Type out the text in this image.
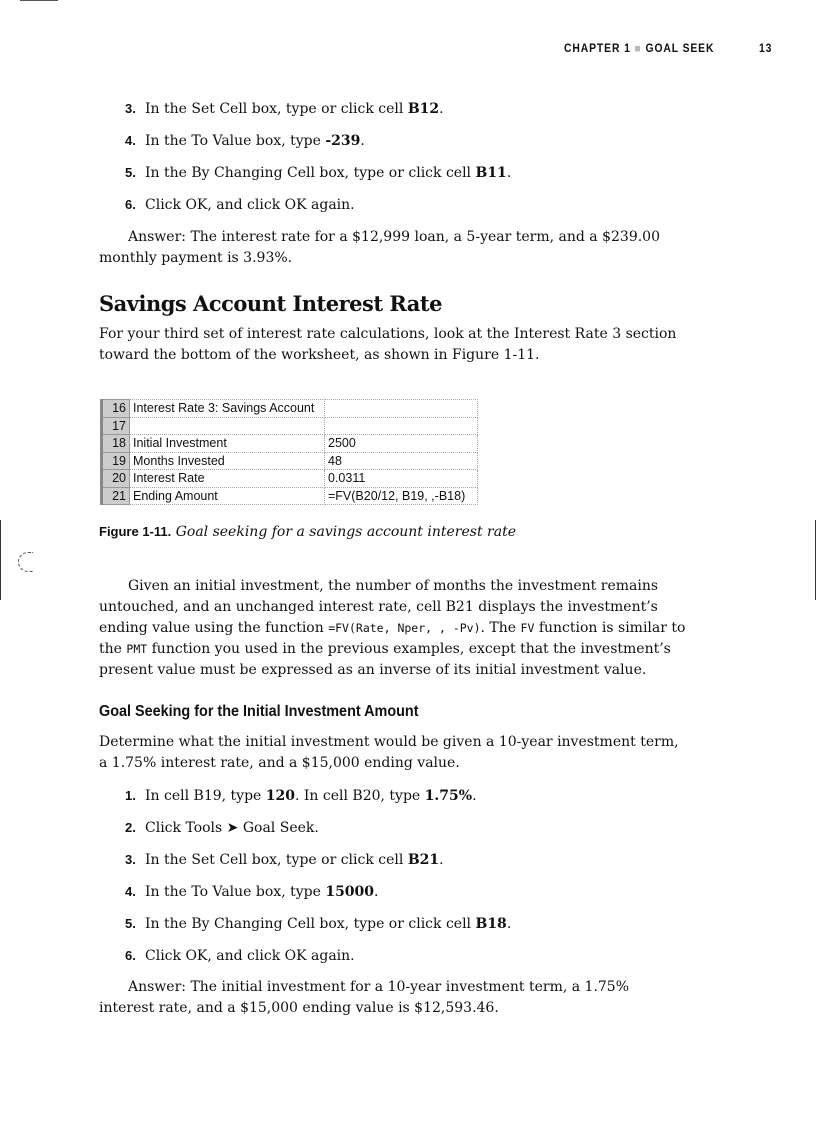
CHAPTER 1 ■ GOAL SEEK	13
3. In the Set Cell box, type or click cell B12.
4. In the To Value box, type -239.
5. In the By Changing Cell box, type or click cell B11.
6. Click OK, and click OK again.
Answer: The interest rate for a $12,999 loan, a 5-year term, and a $239.00 monthly payment is 3.93%.
Savings Account Interest Rate
For your third set of interest rate calculations, look at the Interest Rate 3 section toward the bottom of the worksheet, as shown in Figure 1-11.
16	Interest Rate 3: Savings Account	
17		
18	Initial Investment	2500
19	Months Invested	48
20	Interest Rate	0.0311
21	Ending Amount	=FV(B20/12, B19, ,-B18)
Figure 1-11. Goal seeking for a savings account interest rate
Given an initial investment, the number of months the investment remains untouched, and an unchanged interest rate, cell B21 displays the investment’s ending value using the function =FV(Rate, Nper, , -Pv). The FV function is similar to the PMT function you used in the previous examples, except that the investment’s present value must be expressed as an inverse of its initial investment value.
Goal Seeking for the Initial Investment Amount
Determine what the initial investment would be given a 10-year investment term,
a 1.75% interest rate, and a $15,000 ending value.
1. In cell B19, type 120. In cell B20, type 1.75%.
2. Click Tools ➤ Goal Seek.
3. In the Set Cell box, type or click cell B21.
4. In the To Value box, type 15000.
5. In the By Changing Cell box, type or click cell B18.
6. Click OK, and click OK again.
Answer: The initial investment for a 10-year investment term, a 1.75% interest rate, and a $15,000 ending value is $12,593.46.
